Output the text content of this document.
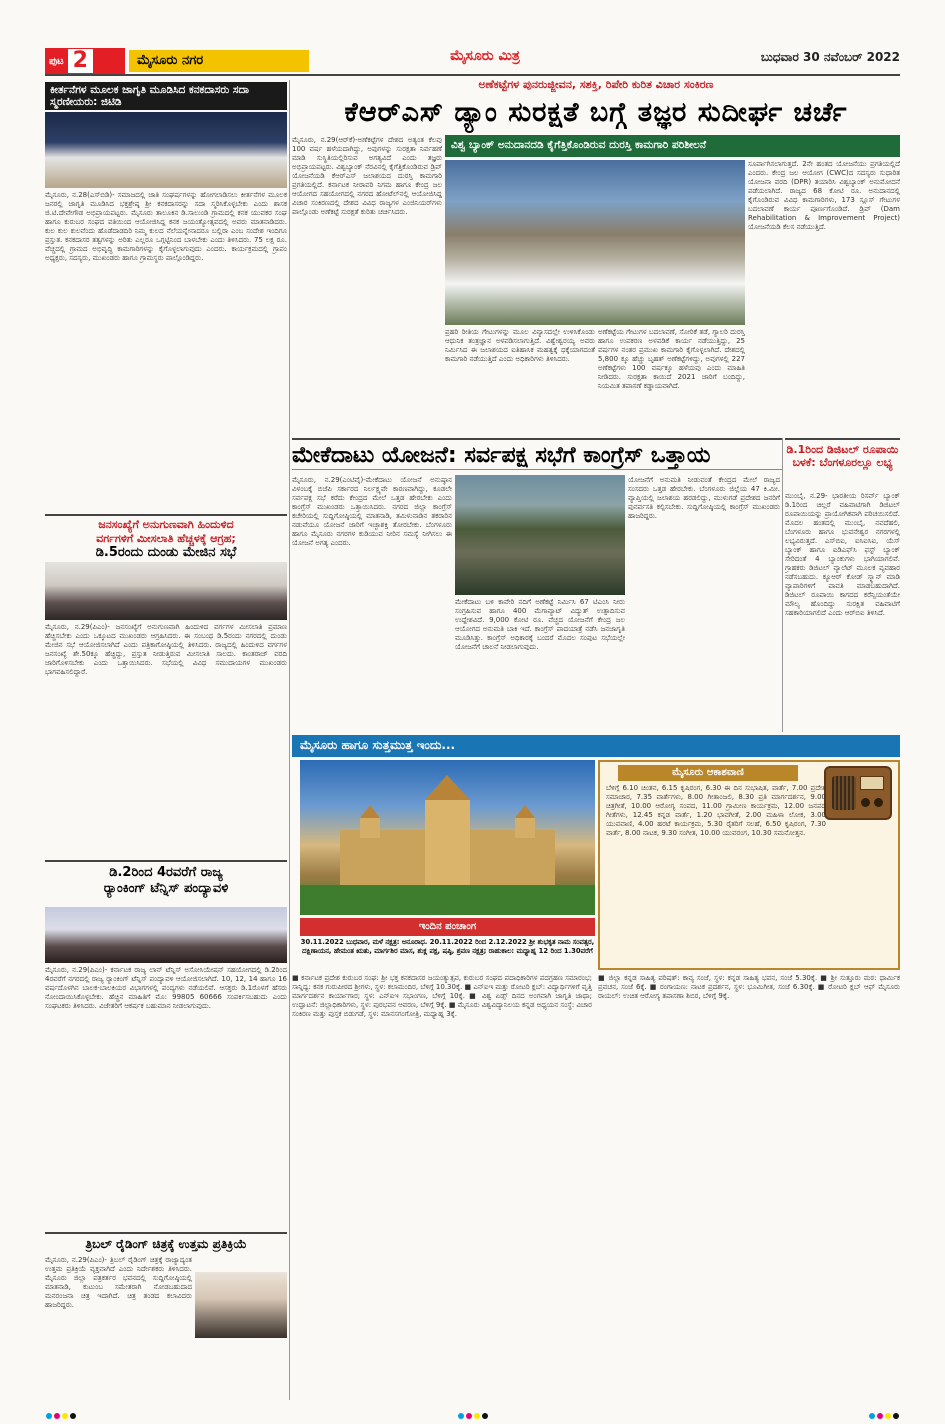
ಪುಟ 2	ಮೈಸೂರು ನಗರ	ಮೈಸೂರು ಮಿತ್ರ	ಬುಧವಾರ 30 ನವೆಂಬರ್ 2022
ಕೀರ್ತನೆಗಳ ಮೂಲಕ ಜಾಗೃತಿ ಮೂಡಿಸಿದ ಕನಕದಾಸರು ಸದಾ ಸ್ಮರಣೀಯರು: ಜಿಟಿಡಿ
ಮೈಸೂರು, ನ.28(ಎಸ್‌ಬಿಡಿ)- ಸಮಾಜದಲ್ಲಿ ಜಾತಿ ಸಂಘರ್ಷಗಳನ್ನು ಹೋಗಲಾಡಿಸಲು ಕೀರ್ತನೆಗಳ ಮೂಲಕ ಜನರಲ್ಲಿ ಜಾಗೃತಿ ಮೂಡಿಸಿದ ಭಕ್ತಶ್ರೇಷ್ಠ ಶ್ರೀ ಕನಕದಾಸರನ್ನು ಸದಾ ಸ್ಮರಿಸಿಕೊಳ್ಳಬೇಕು ಎಂದು ಶಾಸಕ ಜಿ.ಟಿ.ದೇವೇಗೌಡ ಅಭಿಪ್ರಾಯಪಟ್ಟರು. ಮೈಸೂರು ತಾಲೂಕಿನ ಡಿ.ಸಾಲುಂಡಿ ಗ್ರಾಮದಲ್ಲಿ ಕನಕ ಯುವಕರ ಸಂಘ ಹಾಗೂ ಕುರುಬರ ಸಂಘದ ವತಿಯಿಂದ ಆಯೋಜಿಸಿದ್ದ ಕನಕ ಜಯಂತ್ಯೋತ್ಸವದಲ್ಲಿ ಅವರು ಮಾತನಾಡಿದರು. ಕುಲ ಕುಲ ಕುಲವೆಂದು ಹೊಡೆದಾಡದಿರಿ ನಿಮ್ಮ ಕುಲದ ನೆಲೆಯನ್ನೇನಾದರೂ ಬಲ್ಲಿರಾ ಎಂಬ ಸಂದೇಶ ಇಂದಿಗೂ ಪ್ರಸ್ತುತ. ಕನಕದಾಸರ ತತ್ವಗಳನ್ನು ಅರಿತು ಎಲ್ಲರೂ ಒಗ್ಗಟ್ಟಿನಿಂದ ಬಾಳಬೇಕು ಎಂದು ತಿಳಿಸಿದರು. 75 ಲಕ್ಷ ರೂ. ವೆಚ್ಚದಲ್ಲಿ ಗ್ರಾಮದ ಅಭಿವೃದ್ಧಿ ಕಾಮಗಾರಿಗಳನ್ನು ಕೈಗೊಳ್ಳಲಾಗುವುದು ಎಂದರು. ಕಾರ್ಯಕ್ರಮದಲ್ಲಿ ಗ್ರಾಪಂ ಅಧ್ಯಕ್ಷರು, ಸದಸ್ಯರು, ಮುಖಂಡರು ಹಾಗೂ ಗ್ರಾಮಸ್ಥರು ಪಾಲ್ಗೊಂಡಿದ್ದರು.
ಅಣೆಕಟ್ಟೆಗಳ ಪುನರುಜ್ಜೀವನ, ಸಶಕ್ತಿ, ರಿಪೇರಿ ಕುರಿತ ವಿಚಾರ ಸಂಕಿರಣ
ಕೆಆರ್‌ಎಸ್ ಡ್ಯಾಂ ಸುರಕ್ಷತೆ ಬಗ್ಗೆ ತಜ್ಞರ ಸುದೀರ್ಘ ಚರ್ಚೆ
ಮೈಸೂರು, ನ.29(ಆರ್‌ಕೆ)-ಅಣೆಕಟ್ಟೆಗಳ ದೇಶದ ಅತ್ಯಂತ ಕೆಲವು 100 ವರ್ಷ ಹಳೆಯದಾಗಿದ್ದು, ಅವುಗಳನ್ನು ಸುರಕ್ಷತಾ ನಿರ್ವಹಣೆ ಮಾಡಿ ಸುಸ್ಥಿತಿಯಲ್ಲಿರಿಸುವ ಅಗತ್ಯವಿದೆ ಎಂದು ತಜ್ಞರು ಅಭಿಪ್ರಾಯಪಟ್ಟರು. ವಿಶ್ವಬ್ಯಾಂಕ್ ನೆರವಿನಲ್ಲಿ ಕೈಗೆತ್ತಿಕೊಂಡಿರುವ ಡ್ರಿಪ್ ಯೋಜನೆಯಡಿ ಕೆಆರ್‌ಎಸ್ ಜಲಾಶಯದ ದುರಸ್ತಿ ಕಾಮಗಾರಿ ಪ್ರಗತಿಯಲ್ಲಿದೆ. ಕರ್ನಾಟಕ ನೀರಾವರಿ ನಿಗಮ ಹಾಗೂ ಕೇಂದ್ರ ಜಲ ಆಯೋಗದ ಸಹಯೋಗದಲ್ಲಿ ನಗರದ ಹೋಟೆಲ್‌ನಲ್ಲಿ ಆಯೋಜಿಸಿದ್ದ ವಿಚಾರ ಸಂಕಿರಣದಲ್ಲಿ ದೇಶದ ವಿವಿಧ ರಾಜ್ಯಗಳ ಎಂಜಿನಿಯರ್‌ಗಳು ಪಾಲ್ಗೊಂಡು ಅಣೆಕಟ್ಟೆ ಸುರಕ್ಷತೆ ಕುರಿತು ಚರ್ಚಿಸಿದರು.
ವಿಶ್ವ ಬ್ಯಾಂಕ್ ಅನುದಾನದಡಿ ಕೈಗೆತ್ತಿಕೊಂಡಿರುವ ದುರಸ್ತಿ ಕಾಮಗಾರಿ ಪರಿಶೀಲನೆ
ಪ್ರಹರಿ ರೀತಿಯ ಗೇಟುಗಳನ್ನು ಮೂಲ ವಿನ್ಯಾಸದಲ್ಲೇ ಉಳಿಸಿಕೊಂಡು ಆಧುನಿಕ ತಂತ್ರಜ್ಞಾನ ಅಳವಡಿಸಲಾಗುತ್ತಿದೆ. ವಿಶ್ವೇಶ್ವರಯ್ಯ ಅವರು ನಿರ್ಮಿಸಿದ ಈ ಜಲಾಶಯದ ಐತಿಹಾಸಿಕ ಮಹತ್ವಕ್ಕೆ ಧಕ್ಕೆಯಾಗದಂತೆ ಕಾಮಗಾರಿ ನಡೆಯುತ್ತಿದೆ ಎಂದು ಅಧಿಕಾರಿಗಳು ತಿಳಿಸಿದರು.
ಅಣೆಕಟ್ಟೆಯ ಗೇಟುಗಳ ಬದಲಾವಣೆ, ಸೋರಿಕೆ ತಡೆ, ಗ್ಯಾಲರಿ ದುರಸ್ತಿ ಹಾಗೂ ಉಪಕರಣ ಅಳವಡಿಕೆ ಕಾರ್ಯ ನಡೆಯುತ್ತಿದ್ದು, 25 ವರ್ಷಗಳ ನಂತರ ಪ್ರಮುಖ ಕಾಮಗಾರಿ ಕೈಗೊಳ್ಳಲಾಗಿದೆ. ದೇಶದಲ್ಲಿ 5,800 ಕ್ಕೂ ಹೆಚ್ಚು ಬೃಹತ್ ಅಣೆಕಟ್ಟೆಗಳಿದ್ದು, ಅವುಗಳಲ್ಲಿ 227 ಅಣೆಕಟ್ಟೆಗಳು 100 ವರ್ಷಕ್ಕೂ ಹಳೆಯವು ಎಂದು ಮಾಹಿತಿ ನೀಡಿದರು. ಸುರಕ್ಷತಾ ಕಾಯಿದೆ 2021 ಜಾರಿಗೆ ಬಂದಿದ್ದು, ನಿಯಮಿತ ತಪಾಸಣೆ ಕಡ್ಡಾಯವಾಗಿದೆ.
ಸೂರ್ಪಾಗಿಸಲಾಗುತ್ತದೆ. 2ನೇ ಹಂತದ ಯೋಜನೆಯು ಪ್ರಗತಿಯಲ್ಲಿದೆ ಎಂದರು. ಕೇಂದ್ರ ಜಲ ಆಯೋಗ (CWC)ದ ಸದಸ್ಯರು ಸುಧಾರಿತ ಯೋಜನಾ ವರದಿ (DPR) ತಯಾರಿಸಿ ವಿಶ್ವಬ್ಯಾಂಕ್ ಅನುಮೋದನೆ ಪಡೆಯಲಾಗಿದೆ. ರಾಜ್ಯದ 68 ಕೋಟಿ ರೂ. ಅನುದಾನದಲ್ಲಿ ಕೈಗೊಂಡಿರುವ ವಿವಿಧ ಕಾಮಗಾರಿಗಳು, 173 ಸ್ಲೂಸ್ ಗೇಟುಗಳ ಬದಲಾವಣೆ ಕಾರ್ಯ ಪೂರ್ಣಗೊಂಡಿದೆ. ಡ್ರಿಪ್ (Dam Rehabilitation & Improvement Project) ಯೋಜನೆಯಡಿ ಕೆಲಸ ನಡೆಯುತ್ತಿದೆ.
ಮೇಕೆದಾಟು ಯೋಜನೆ: ಸರ್ವಪಕ್ಷ ಸಭೆಗೆ ಕಾಂಗ್ರೆಸ್ ಒತ್ತಾಯ
ಮೈಸೂರು, ನ.29(ಎಂಟಿವೈ)-ಮೇಕೆದಾಟು ಯೋಜನೆ ಅನುಷ್ಠಾನ ವಿಳಂಬಕ್ಕೆ ಬಿಜೆಪಿ ಸರ್ಕಾರದ ನಿರ್ಲಕ್ಷ್ಯವೇ ಕಾರಣವಾಗಿದ್ದು, ಕೂಡಲೇ ಸರ್ವಪಕ್ಷ ಸಭೆ ಕರೆದು ಕೇಂದ್ರದ ಮೇಲೆ ಒತ್ತಡ ಹೇರಬೇಕು ಎಂದು ಕಾಂಗ್ರೆಸ್ ಮುಖಂಡರು ಒತ್ತಾಯಿಸಿದರು. ನಗರದ ಜಿಲ್ಲಾ ಕಾಂಗ್ರೆಸ್ ಕಚೇರಿಯಲ್ಲಿ ಸುದ್ದಿಗೋಷ್ಠಿಯಲ್ಲಿ ಮಾತನಾಡಿ, ತಮಿಳುನಾಡಿನ ತಕರಾರಿನ ನಡುವೆಯೂ ಯೋಜನೆ ಜಾರಿಗೆ ಇಚ್ಛಾಶಕ್ತಿ ತೋರಬೇಕು. ಬೆಂಗಳೂರು ಹಾಗೂ ಮೈಸೂರು ನಗರಗಳ ಕುಡಿಯುವ ನೀರಿನ ಸಮಸ್ಯೆ ನೀಗಿಸಲು ಈ ಯೋಜನೆ ಅಗತ್ಯ ಎಂದರು.
ಮೇಕೆದಾಟು ಬಳಿ ಕಾವೇರಿ ನದಿಗೆ ಅಣೆಕಟ್ಟೆ ನಿರ್ಮಿಸಿ 67 ಟಿಎಂಸಿ ನೀರು ಸಂಗ್ರಹಿಸುವ ಹಾಗೂ 400 ಮೆಗಾವ್ಯಾಟ್ ವಿದ್ಯುತ್ ಉತ್ಪಾದಿಸುವ ಉದ್ದೇಶವಿದೆ. 9,000 ಕೋಟಿ ರೂ. ವೆಚ್ಚದ ಯೋಜನೆಗೆ ಕೇಂದ್ರ ಜಲ ಆಯೋಗದ ಅನುಮತಿ ಬಾಕಿ ಇದೆ. ಕಾಂಗ್ರೆಸ್ ಪಾದಯಾತ್ರೆ ನಡೆಸಿ ಜನಜಾಗೃತಿ ಮೂಡಿಸಿತ್ತು. ಕಾಂಗ್ರೆಸ್ ಅಧಿಕಾರಕ್ಕೆ ಬಂದರೆ ಮೊದಲ ಸಂಪುಟ ಸಭೆಯಲ್ಲೇ ಯೋಜನೆಗೆ ಚಾಲನೆ ನೀಡಲಾಗುವುದು.
ಯೋಜನೆಗೆ ಅನುಮತಿ ನೀಡುವಂತೆ ಕೇಂದ್ರದ ಮೇಲೆ ರಾಜ್ಯದ ಸಂಸದರು ಒತ್ತಡ ಹೇರಬೇಕು. ಬೆಂಗಳೂರು ಜಿಲ್ಲೆಯ 47 ಕಿ.ಮೀ. ವ್ಯಾಪ್ತಿಯಲ್ಲಿ ಜಲಾಶಯ ಹರಡಲಿದ್ದು, ಮುಳುಗಡೆ ಪ್ರದೇಶದ ಜನರಿಗೆ ಪುನರ್ವಸತಿ ಕಲ್ಪಿಸಬೇಕು. ಸುದ್ದಿಗೋಷ್ಠಿಯಲ್ಲಿ ಕಾಂಗ್ರೆಸ್ ಮುಖಂಡರು ಹಾಜರಿದ್ದರು.
ಡಿ.1ರಿಂದ ಡಿಜಿಟಲ್ ರೂಪಾಯಿ ಬಳಕೆ: ಬೆಂಗಳೂರಲ್ಲೂ ಲಭ್ಯ
ಮುಂಬೈ, ನ.29- ಭಾರತೀಯ ರಿಸರ್ವ್ ಬ್ಯಾಂಕ್ ಡಿ.1ರಿಂದ ಚಿಲ್ಲರೆ ವಹಿವಾಟಿಗಾಗಿ ಡಿಜಿಟಲ್ ರೂಪಾಯಿಯನ್ನು ಪ್ರಾಯೋಗಿಕವಾಗಿ ಪರಿಚಯಿಸಲಿದೆ. ಮೊದಲ ಹಂತದಲ್ಲಿ ಮುಂಬೈ, ನವದೆಹಲಿ, ಬೆಂಗಳೂರು ಹಾಗೂ ಭುವನೇಶ್ವರ ನಗರಗಳಲ್ಲಿ ಲಭ್ಯವಿರುತ್ತದೆ. ಎಸ್‌ಬಿಐ, ಐಸಿಐಸಿಐ, ಯೆಸ್ ಬ್ಯಾಂಕ್ ಹಾಗೂ ಐಡಿಎಫ್‌ಸಿ ಫಸ್ಟ್ ಬ್ಯಾಂಕ್ ಸೇರಿದಂತೆ 4 ಬ್ಯಾಂಕುಗಳು ಭಾಗಿಯಾಗಲಿವೆ. ಗ್ರಾಹಕರು ಡಿಜಿಟಲ್ ವ್ಯಾಲೆಟ್ ಮೂಲಕ ವ್ಯವಹಾರ ನಡೆಸಬಹುದು. ಕ್ಯೂಆರ್ ಕೋಡ್ ಸ್ಕ್ಯಾನ್ ಮಾಡಿ ವ್ಯಾಪಾರಿಗಳಿಗೆ ಪಾವತಿ ಮಾಡಬಹುದಾಗಿದೆ. ಡಿಜಿಟಲ್ ರೂಪಾಯಿ ಕಾಗದದ ಕರೆನ್ಸಿಯಂತೆಯೇ ಮೌಲ್ಯ ಹೊಂದಿದ್ದು ಸುರಕ್ಷಿತ ವಹಿವಾಟಿಗೆ ಸಹಕಾರಿಯಾಗಲಿದೆ ಎಂದು ಆರ್‌ಬಿಐ ತಿಳಿಸಿದೆ.
ಜನಸಂಖ್ಯೆಗೆ ಅನುಗುಣವಾಗಿ ಹಿಂದುಳಿದ
ವರ್ಗಗಳಿಗೆ ಮೀಸಲಾತಿ ಹೆಚ್ಚಳಕ್ಕೆ ಆಗ್ರಹ;
ಡಿ.5ರಂದು ದುಂಡು ಮೇಜಿನ ಸಭೆ
ಮೈಸೂರು, ನ.29(ಪಿಎಂ)- ಜನಸಂಖ್ಯೆಗೆ ಅನುಗುಣವಾಗಿ ಹಿಂದುಳಿದ ವರ್ಗಗಳ ಮೀಸಲಾತಿ ಪ್ರಮಾಣ ಹೆಚ್ಚಿಸಬೇಕು ಎಂದು ಒಕ್ಕೂಟದ ಮುಖಂಡರು ಆಗ್ರಹಿಸಿದರು. ಈ ಸಂಬಂಧ ಡಿ.5ರಂದು ನಗರದಲ್ಲಿ ದುಂಡು ಮೇಜಿನ ಸಭೆ ಆಯೋಜಿಸಲಾಗಿದೆ ಎಂದು ಪತ್ರಿಕಾಗೋಷ್ಠಿಯಲ್ಲಿ ತಿಳಿಸಿದರು. ರಾಜ್ಯದಲ್ಲಿ ಹಿಂದುಳಿದ ವರ್ಗಗಳ ಜನಸಂಖ್ಯೆ ಶೇ.50ಕ್ಕೂ ಹೆಚ್ಚಿದ್ದು, ಪ್ರಸ್ತುತ ನೀಡುತ್ತಿರುವ ಮೀಸಲಾತಿ ಸಾಲದು. ಕಾಂತರಾಜ್ ವರದಿ ಜಾರಿಗೊಳಿಸಬೇಕು ಎಂದು ಒತ್ತಾಯಿಸಿದರು. ಸಭೆಯಲ್ಲಿ ವಿವಿಧ ಸಮುದಾಯಗಳ ಮುಖಂಡರು ಭಾಗವಹಿಸಲಿದ್ದಾರೆ.
ಡಿ.2ರಿಂದ 4ರವರೆಗೆ ರಾಜ್ಯ
ರ‍್ಯಾಂಕಿಂಗ್ ಟೆನ್ನಿಸ್ ಪಂದ್ಯಾವಳಿ
ಮೈಸೂರು, ನ.29(ಪಿಎಂ)- ಕರ್ನಾಟಕ ರಾಜ್ಯ ಲಾನ್ ಟೆನ್ನಿಸ್ ಅಸೋಸಿಯೇಷನ್ ಸಹಯೋಗದಲ್ಲಿ ಡಿ.2ರಿಂದ 4ರವರೆಗೆ ನಗರದಲ್ಲಿ ರಾಜ್ಯ ರ‍್ಯಾಂಕಿಂಗ್ ಟೆನ್ನಿಸ್ ಪಂದ್ಯಾವಳಿ ಆಯೋಜಿಸಲಾಗಿದೆ. 10, 12, 14 ಹಾಗೂ 16 ವರ್ಷದೊಳಗಿನ ಬಾಲಕ-ಬಾಲಕಿಯರ ವಿಭಾಗಗಳಲ್ಲಿ ಪಂದ್ಯಗಳು ನಡೆಯಲಿವೆ. ಆಸಕ್ತರು ಡಿ.1ರೊಳಗೆ ಹೆಸರು ನೋಂದಾಯಿಸಿಕೊಳ್ಳಬೇಕು. ಹೆಚ್ಚಿನ ಮಾಹಿತಿಗೆ ಮೊ: 99805 60666 ಸಂಪರ್ಕಿಸಬಹುದು ಎಂದು ಸಂಘಟಕರು ತಿಳಿಸಿದರು. ವಿಜೇತರಿಗೆ ಆಕರ್ಷಕ ಬಹುಮಾನ ನೀಡಲಾಗುವುದು.
ತ್ರಿಬಲ್ ರೈಡಿಂಗ್ ಚಿತ್ರಕ್ಕೆ ಉತ್ತಮ ಪ್ರತಿಕ್ರಿಯೆ
ಮೈಸೂರು, ನ.29(ಪಿಎಂ)- ತ್ರಿಬಲ್ ರೈಡಿಂಗ್ ಚಿತ್ರಕ್ಕೆ ರಾಜ್ಯಾದ್ಯಂತ ಉತ್ತಮ ಪ್ರತಿಕ್ರಿಯೆ ವ್ಯಕ್ತವಾಗಿದೆ ಎಂದು ನಿರ್ದೇಶಕರು ತಿಳಿಸಿದರು. ಮೈಸೂರು ಜಿಲ್ಲಾ ಪತ್ರಕರ್ತರ ಭವನದಲ್ಲಿ ಸುದ್ದಿಗೋಷ್ಠಿಯಲ್ಲಿ ಮಾತನಾಡಿ, ಕುಟುಂಬ ಸಮೇತರಾಗಿ ನೋಡಬಹುದಾದ ಮನರಂಜನಾ ಚಿತ್ರ ಇದಾಗಿದೆ. ಚಿತ್ರ ತಂಡದ ಕಲಾವಿದರು ಹಾಜರಿದ್ದರು.
ಮೈಸೂರು ಹಾಗೂ ಸುತ್ತಮುತ್ತ ಇಂದು...
ಇಂದಿನ ಪಂಚಾಂಗ
30.11.2022 ಬುಧವಾರ, ಮಳೆ ನಕ್ಷತ್ರ: ಅನೂರಾಧ. 20.11.2022 ರಿಂದ 2.12.2022 ಶ್ರೀ ಶುಭಕೃತ ನಾಮ ಸಂವತ್ಸರ, ದಕ್ಷಿಣಾಯನ, ಹೇಮಂತ ಋತು, ಮಾರ್ಗಶಿರ ಮಾಸ, ಶುಕ್ಲ ಪಕ್ಷ, ಷಷ್ಠಿ, ಶ್ರವಣ ನಕ್ಷತ್ರ; ರಾಹುಕಾಲ: ಮಧ್ಯಾಹ್ನ 12 ರಿಂದ 1.30ವರೆಗೆ
ಮೈಸೂರು ಆಕಾಶವಾಣಿ
ಬೆಳಿಗ್ಗೆ 6.10 ಚಿಂತನ, 6.15 ಕೃಷಿರಂಗ, 6.30 ಈ ದಿನ ಸುಭಾಷಿತ, ವಾರ್ತೆ, 7.00 ಪ್ರದೇಶ ಸಮಾಚಾರ, 7.35 ವಾರ್ತೆಗಳು, 8.00 ಗೀತಾಂಜಲಿ, 8.30 ಪ್ರತಿ ಮಾರ್ಗದರ್ಶನ, 9.00 ಚಿತ್ರಗೀತೆ, 10.00 ಆರೋಗ್ಯ ಸಂಪದ, 11.00 ಗ್ರಾಮೀಣ ಕಾರ್ಯಕ್ರಮ, 12.00 ಜನಪದ ಗೀತೆಗಳು, 12.45 ಕನ್ನಡ ವಾರ್ತೆ, 1.20 ಭಾವಗೀತೆ, 2.00 ಮಹಿಳಾ ಲೋಕ, 3.00 ಯುವವಾಣಿ, 4.00 ಹರಟೆ ಕಾರ್ಯಕ್ರಮ, 5.30 ರೈತರಿಗೆ ಸಲಹೆ, 6.50 ಕೃಷಿರಂಗ, 7.30 ವಾರ್ತೆ, 8.00 ನಾಟಕ, 9.30 ಸಂಗೀತ, 10.00 ಯುವರಂಗ, 10.30 ಸಮನೋತ್ತನ.
■ ಕರ್ನಾಟಕ ಪ್ರದೇಶ ಕುರುಬರ ಸಂಘ: ಶ್ರೀ ಭಕ್ತ ಕನಕದಾಸರ ಜಯಂತ್ಯುತ್ಸವ, ಕುರುಬರ ಸಂಘದ ಪದಾಧಿಕಾರಿಗಳ ಪದಗ್ರಹಣ ಸಮಾರಂಭ; ಸಾನ್ನಿಧ್ಯ: ಕನಕ ಗುರುಪೀಠದ ಶ್ರೀಗಳು, ಸ್ಥಳ: ಕಲಾಮಂದಿರ, ಬೆಳಿಗ್ಗೆ 10.30ಕ್ಕೆ. ■ ಎನ್‌ಐಇ ಮತ್ತು ರೋಟರಿ ಕ್ಲಬ್: ವಿದ್ಯಾರ್ಥಿಗಳಿಗೆ ವೃತ್ತಿ ಮಾರ್ಗದರ್ಶನ ಕಾರ್ಯಾಗಾರ; ಸ್ಥಳ: ಎನ್‌ಐಇ ಸಭಾಂಗಣ, ಬೆಳಿಗ್ಗೆ 10ಕ್ಕೆ. ■ ವಿಶ್ವ ಏಡ್ಸ್ ದಿನದ ಅಂಗವಾಗಿ ಜಾಗೃತಿ ಜಾಥಾ; ಉದ್ಘಾಟನೆ: ಜಿಲ್ಲಾಧಿಕಾರಿಗಳು, ಸ್ಥಳ: ಪುರಭವನ ಆವರಣ, ಬೆಳಿಗ್ಗೆ 9ಕ್ಕೆ. ■ ಮೈಸೂರು ವಿಶ್ವವಿದ್ಯಾನಿಲಯ ಕನ್ನಡ ಅಧ್ಯಯನ ಸಂಸ್ಥೆ: ವಿಚಾರ ಸಂಕಿರಣ ಮತ್ತು ಪುಸ್ತಕ ಬಿಡುಗಡೆ, ಸ್ಥಳ: ಮಾನಸಗಂಗೋತ್ರಿ, ಮಧ್ಯಾಹ್ನ 3ಕ್ಕೆ.
■ ಜಿಲ್ಲಾ ಕನ್ನಡ ಸಾಹಿತ್ಯ ಪರಿಷತ್: ಕಾವ್ಯ ಸಂಜೆ, ಸ್ಥಳ: ಕನ್ನಡ ಸಾಹಿತ್ಯ ಭವನ, ಸಂಜೆ 5.30ಕ್ಕೆ. ■ ಶ್ರೀ ಸುತ್ತೂರು ಮಠ: ಧಾರ್ಮಿಕ ಪ್ರವಚನ, ಸಂಜೆ 6ಕ್ಕೆ. ■ ರಂಗಾಯಣ: ನಾಟಕ ಪ್ರದರ್ಶನ, ಸ್ಥಳ: ಭೂಮಿಗೀತ, ಸಂಜೆ 6.30ಕ್ಕೆ. ■ ರೋಟರಿ ಕ್ಲಬ್ ಆಫ್ ಮೈಸೂರು ರಾಯಲ್: ಉಚಿತ ಆರೋಗ್ಯ ತಪಾಸಣಾ ಶಿಬಿರ, ಬೆಳಿಗ್ಗೆ 9ಕ್ಕೆ.
